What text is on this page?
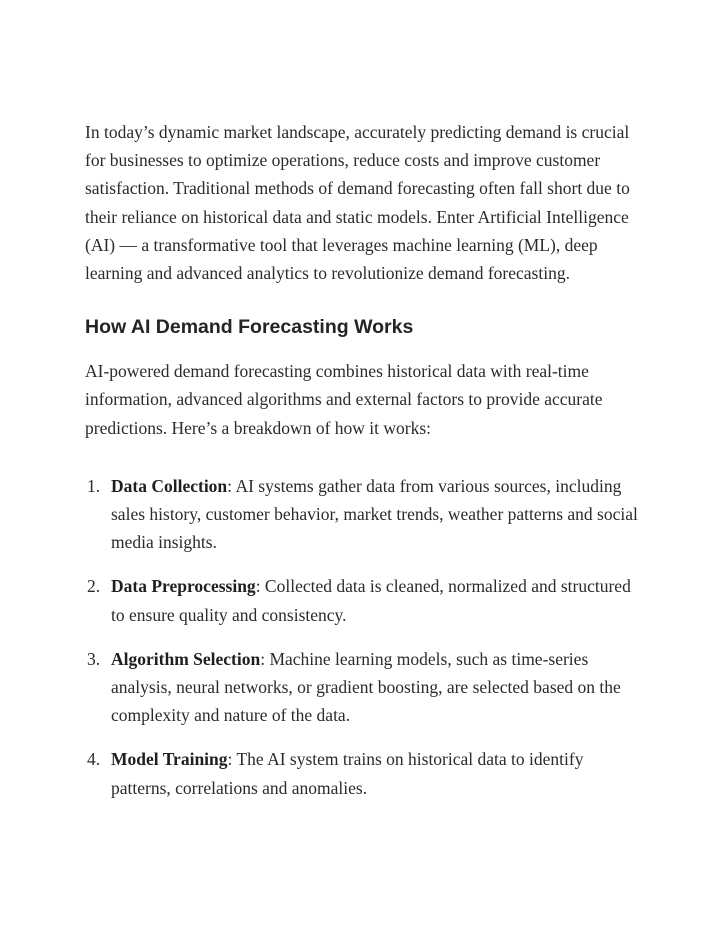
In today’s dynamic market landscape, accurately predicting demand is crucial for businesses to optimize operations, reduce costs and improve customer satisfaction. Traditional methods of demand forecasting often fall short due to their reliance on historical data and static models. Enter Artificial Intelligence (AI) — a transformative tool that leverages machine learning (ML), deep learning and advanced analytics to revolutionize demand forecasting.

How AI Demand Forecasting Works

AI-powered demand forecasting combines historical data with real-time information, advanced algorithms and external factors to provide accurate predictions. Here’s a breakdown of how it works:

1. Data Collection: AI systems gather data from various sources, including sales history, customer behavior, market trends, weather patterns and social media insights.
2. Data Preprocessing: Collected data is cleaned, normalized and structured to ensure quality and consistency.
3. Algorithm Selection: Machine learning models, such as time-series analysis, neural networks, or gradient boosting, are selected based on the complexity and nature of the data.
4. Model Training: The AI system trains on historical data to identify patterns, correlations and anomalies.
